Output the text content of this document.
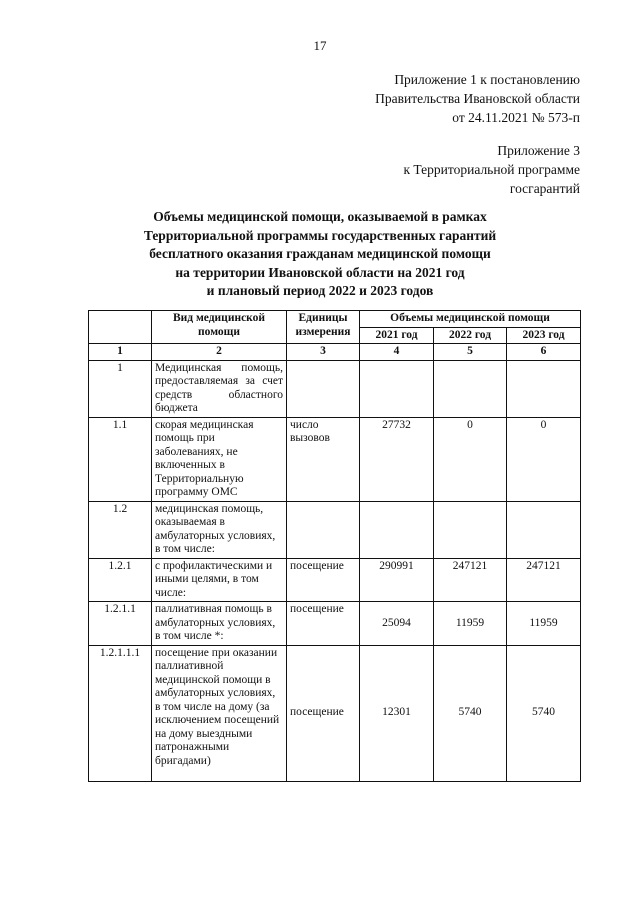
17
Приложение 1 к постановлению
Правительства Ивановской области
от 24.11.2021 № 573-п
Приложение 3
к Территориальной программе
госгарантий
Объемы медицинской помощи, оказываемой в рамках
Территориальной программы государственных гарантий
бесплатного оказания гражданам медицинской помощи
на территории Ивановской области на 2021 год
и плановый период 2022 и 2023 годов
	Вид медицинской помощи	Единицы измерения	Объемы медицинской помощи		
			2021 год	2022 год	2023 год
1	2	3	4	5	6
1	Медицинская помощь, предоставляемая за счет средств областного бюджета				
1.1	скорая медицинская помощь при заболеваниях, не включенных в Территориальную программу ОМС	число вызовов	27732	0	0
1.2	медицинская помощь, оказываемая в амбулаторных условиях, в том числе:				
1.2.1	с профилактическими и иными целями, в том числе:	посещение	290991	247121	247121
1.2.1.1	паллиативная помощь в амбулаторных условиях, в том числе *:	посещение	25094	11959	11959
1.2.1.1.1	посещение при оказании паллиативной медицинской помощи в амбулаторных условиях, в том числе на дому (за исключением посещений на дому выездными патронажными бригадами)	посещение	12301	5740	5740
